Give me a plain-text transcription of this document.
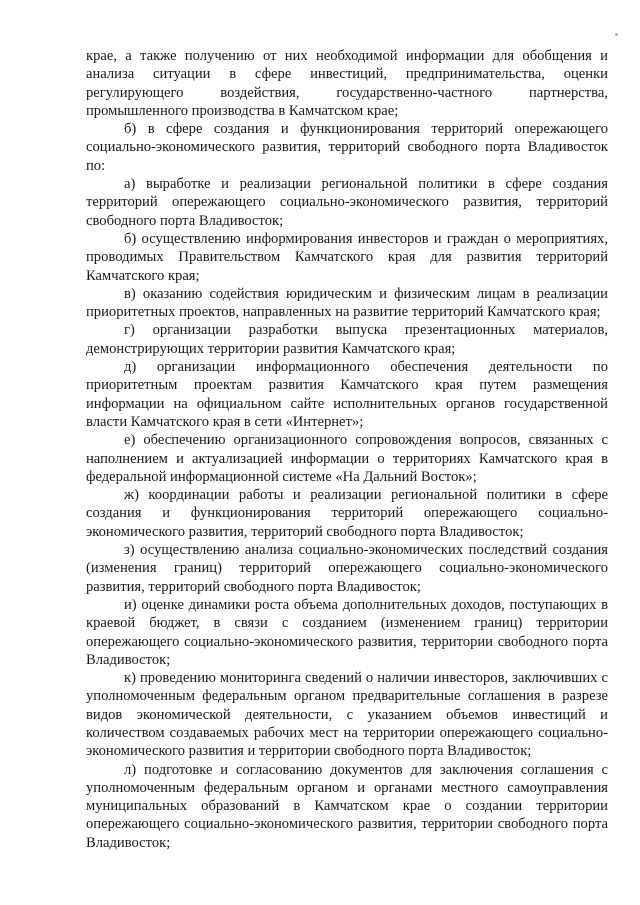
крае, а также получению от них необходимой информации для обобщения и анализа ситуации в сфере инвестиций, предпринимательства, оценки регулирующего воздействия, государственно-частного партнерства, промышленного производства в Камчатском крае;

б) в сфере создания и функционирования территорий опережающего социально-экономического развития, территорий свободного порта Владивосток по:

а) выработке и реализации региональной политики в сфере создания территорий опережающего социально-экономического развития, территорий свободного порта Владивосток;

б) осуществлению информирования инвесторов и граждан о мероприятиях, проводимых Правительством Камчатского края для развития территорий Камчатского края;

в) оказанию содействия юридическим и физическим лицам в реализации приоритетных проектов, направленных на развитие территорий Камчатского края;

г) организации разработки выпуска презентационных материалов, демонстрирующих территории развития Камчатского края;

д) организации информационного обеспечения деятельности по приоритетным проектам развития Камчатского края путем размещения информации на официальном сайте исполнительных органов государственной власти Камчатского края в сети «Интернет»;

е) обеспечению организационного сопровождения вопросов, связанных с наполнением и актуализацией информации о территориях Камчатского края в федеральной информационной системе «На Дальний Восток»;

ж) координации работы и реализации региональной политики в сфере создания и функционирования территорий опережающего социально-экономического развития, территорий свободного порта Владивосток;

з) осуществлению анализа социально-экономических последствий создания (изменения границ) территорий опережающего социально-экономического развития, территорий свободного порта Владивосток;

и) оценке динамики роста объема дополнительных доходов, поступающих в краевой бюджет, в связи с созданием (изменением границ) территории опережающего социально-экономического развития, территории свободного порта Владивосток;

к) проведению мониторинга сведений о наличии инвесторов, заключивших с уполномоченным федеральным органом предварительные соглашения в разрезе видов экономической деятельности, с указанием объемов инвестиций и количеством создаваемых рабочих мест на территории опережающего социально-экономического развития и территории свободного порта Владивосток;

л) подготовке и согласованию документов для заключения соглашения с уполномоченным федеральным органом и органами местного самоуправления муниципальных образований в Камчатском крае о создании территории опережающего социально-экономического развития, территории свободного порта Владивосток;
